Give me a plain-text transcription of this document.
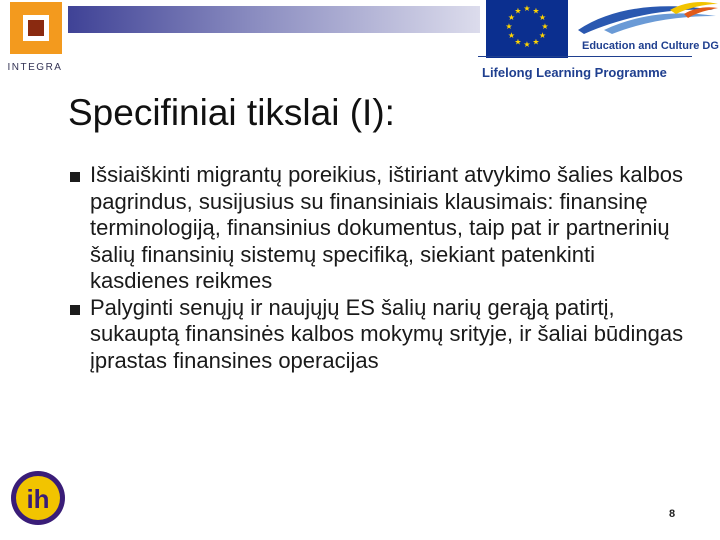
INTEGRA
★ ★
★
★
★
★
★
★
★
★
★
★
Education and Culture DG
Lifelong Learning Programme
Specifiniai tikslai (I):
Išsiaiškinti migrantų poreikius, ištiriant atvykimo šalies kalbos pagrindus, susijusius su finansiniais klausimais: finansinę terminologiją, finansinius dokumentus, taip pat ir partnerinių šalių finansinių sistemų specifiką, siekiant patenkinti kasdienes reikmes
Palyginti senųjų ir naujųjų ES šalių narių gerąją patirtį, sukauptą finansinės kalbos mokymų srityje, ir šaliai būdingas įprastas finansines operacijas
ih	8
